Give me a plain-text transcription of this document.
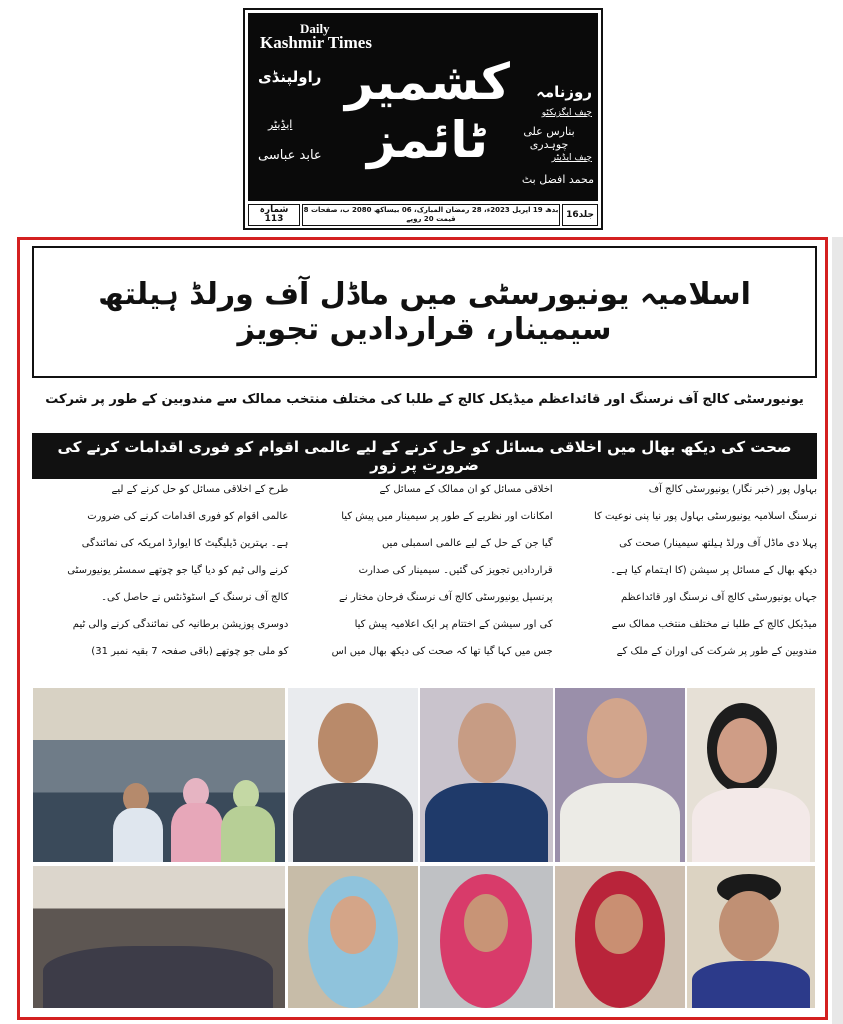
Daily
Kashmir Times
کشمیر ٹائمز
راولپنڈی
ایڈیٹر
عابد عباسی
روزنامہ
چیف ایگزیکٹو
بنارس علی چوہدری
چیف ایڈیٹر
محمد افضل بٹ
جلد16
بدھ 19 اپریل 2023ء، 28 رمضان المبارک، 06 بیساکھ 2080 ب، صفحات 8 قیمت 20 روپے
شمارہ 113
اسلامیہ یونیورسٹی میں ماڈل آف ورلڈ ہیلتھ سیمینار، قراردادیں تجویز
یونیورسٹی کالج آف نرسنگ اور قائداعظم میڈیکل کالج کے طلبا کی مختلف منتخب ممالک سے مندوبین کے طور پر شرکت
صحت کی دیکھ بھال میں اخلاقی مسائل کو حل کرنے کے لیے عالمی اقوام کو فوری اقدامات کرنے کی ضرورت پر زور
بہاول پور (خبر نگار) یونیورسٹی کالج آف
نرسنگ اسلامیہ یونیورسٹی بہاول پور نیا پنی نوعیت کا
پہلا دی ماڈل آف ورلڈ ہیلتھ سیمینار) صحت کی
دیکھ بھال کے مسائل پر سیشن (کا اہتمام کیا ہے۔
جہاں یونیورسٹی کالج آف نرسنگ اور قائداعظم
میڈیکل کالج کے طلبا نے مختلف منتخب ممالک سے
مندوبین کے طور پر شرکت کی اوران کے ملک کے
اخلاقی مسائل کو ان ممالک کے مسائل کے
امکانات اور نظریے کے طور پر سیمینار میں پیش کیا
گیا جن کے حل کے لیے عالمی اسمبلی میں
قراردادیں تجویز کی گئیں۔ سیمینار کی صدارت
پرنسپل یونیورسٹی کالج آف نرسنگ فرحان مختار نے
کی اور سیشن کے اختتام پر ایک اعلامیہ پیش کیا
جس میں کہا گیا تھا کہ صحت کی دیکھ بھال میں اس
طرح کے اخلاقی مسائل کو حل کرنے کے لیے
عالمی اقوام کو فوری اقدامات کرنے کی ضرورت
ہے۔ بہترین ڈیلیگیٹ کا ایوارڈ امریکہ کی نمائندگی
کرنے والی ٹیم کو دیا گیا جو چوتھے سمسٹر یونیورسٹی
کالج آف نرسنگ کے اسٹوڈنٹس نے حاصل کی۔
دوسری پوزیشن برطانیہ کی نمائندگی کرنے والی ٹیم
کو ملی جو چوتھے (باقی صفحہ 7 بقیہ نمبر 31)
